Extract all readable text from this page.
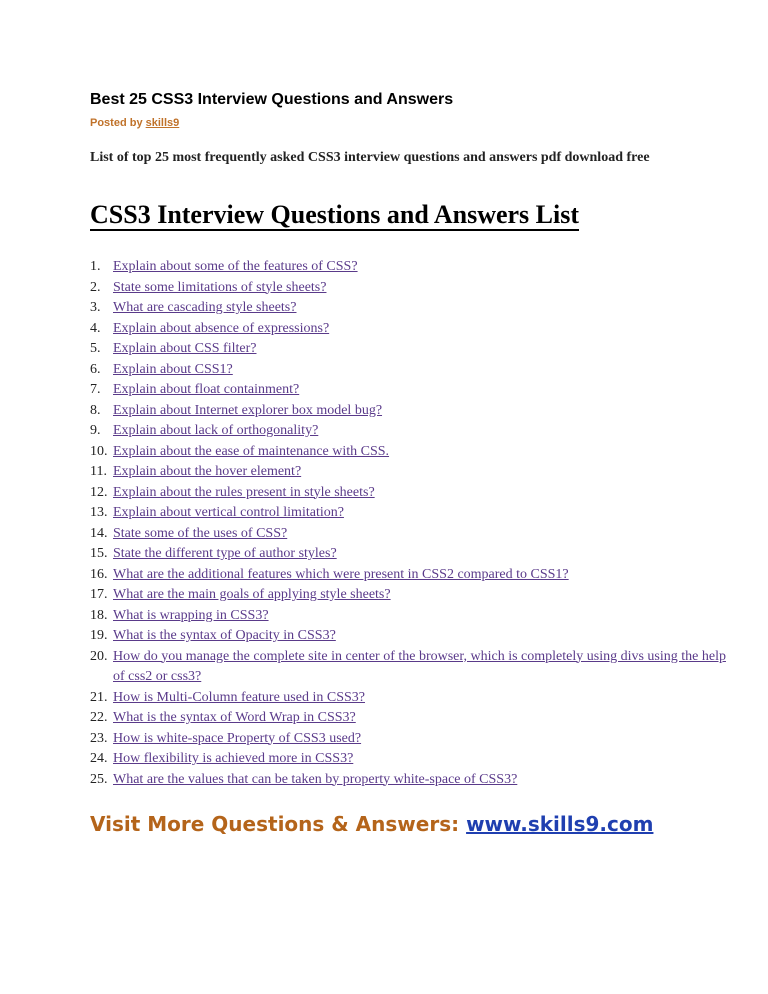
Best 25 CSS3 Interview Questions and Answers
Posted by skills9
List of top 25 most frequently asked CSS3 interview questions and answers pdf download free
CSS3 Interview Questions and Answers List
1. Explain about some of the features of CSS?
2. State some limitations of style sheets?
3. What are cascading style sheets?
4. Explain about absence of expressions?
5. Explain about CSS filter?
6. Explain about CSS1?
7. Explain about float containment?
8. Explain about Internet explorer box model bug?
9. Explain about lack of orthogonality?
10. Explain about the ease of maintenance with CSS.
11. Explain about the hover element?
12. Explain about the rules present in style sheets?
13. Explain about vertical control limitation?
14. State some of the uses of CSS?
15. State the different type of author styles?
16. What are the additional features which were present in CSS2 compared to CSS1?
17. What are the main goals of applying style sheets?
18. What is wrapping in CSS3?
19. What is the syntax of Opacity in CSS3?
20. How do you manage the complete site in center of the browser, which is completely using divs using the help of css2 or css3?
21. How is Multi-Column feature used in CSS3?
22. What is the syntax of Word Wrap in CSS3?
23. How is white-space Property of CSS3 used?
24. How flexibility is achieved more in CSS3?
25. What are the values that can be taken by property white-space of CSS3?
Visit More Questions & Answers: www.skills9.com
